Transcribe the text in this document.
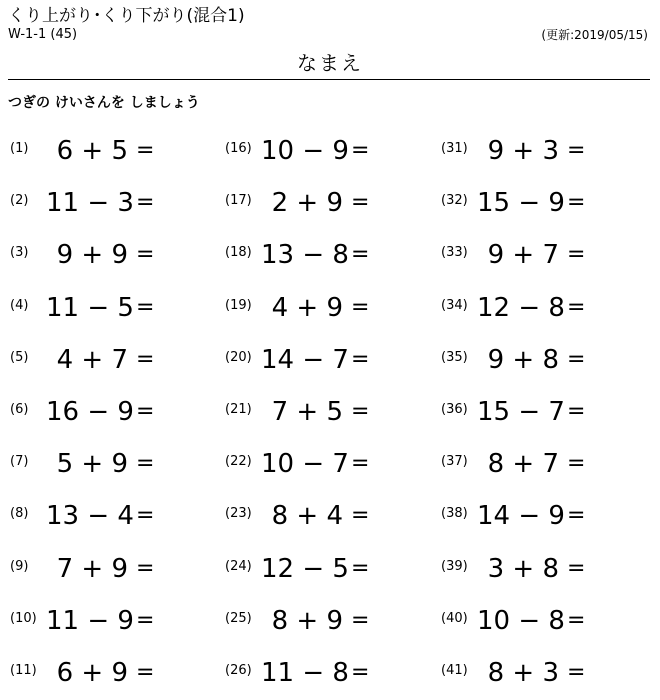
くり上がり･くり下がり(混合1)
W-1-1 (45)	(更新:2019/05/15)
なまえ
つぎの けいさんを しましょう
(1)	6 + 5 =
(2) 11 − 3 =
(3)	9 + 9 =
(4) 11 − 5 =
(5)	4 + 7 =
(6) 16 − 9 =
(7)	5 + 9 =
(8) 13 − 4 =
(9)	7 + 9 =
(10) 11 − 9 =
(11) 6 + 9 =
(16) 10 − 9 =
(17) 2 + 9 =
(18) 13 − 8 =
(19) 4 + 9 =
(20) 14 − 7 =
(21) 7 + 5 =
(22) 10 − 7 =
(23) 8 + 4 =
(24) 12 − 5 =
(25) 8 + 9 =
(26) 11 − 8 =
(31) 9 + 3 =
(32) 15 − 9 =
(33) 9 + 7 =
(34) 12 − 8 =
(35) 9 + 8 =
(36) 15 − 7 =
(37) 8 + 7 =
(38) 14 − 9 =
(39) 3 + 8 =
(40) 10 − 8 =
(41) 8 + 3 =
